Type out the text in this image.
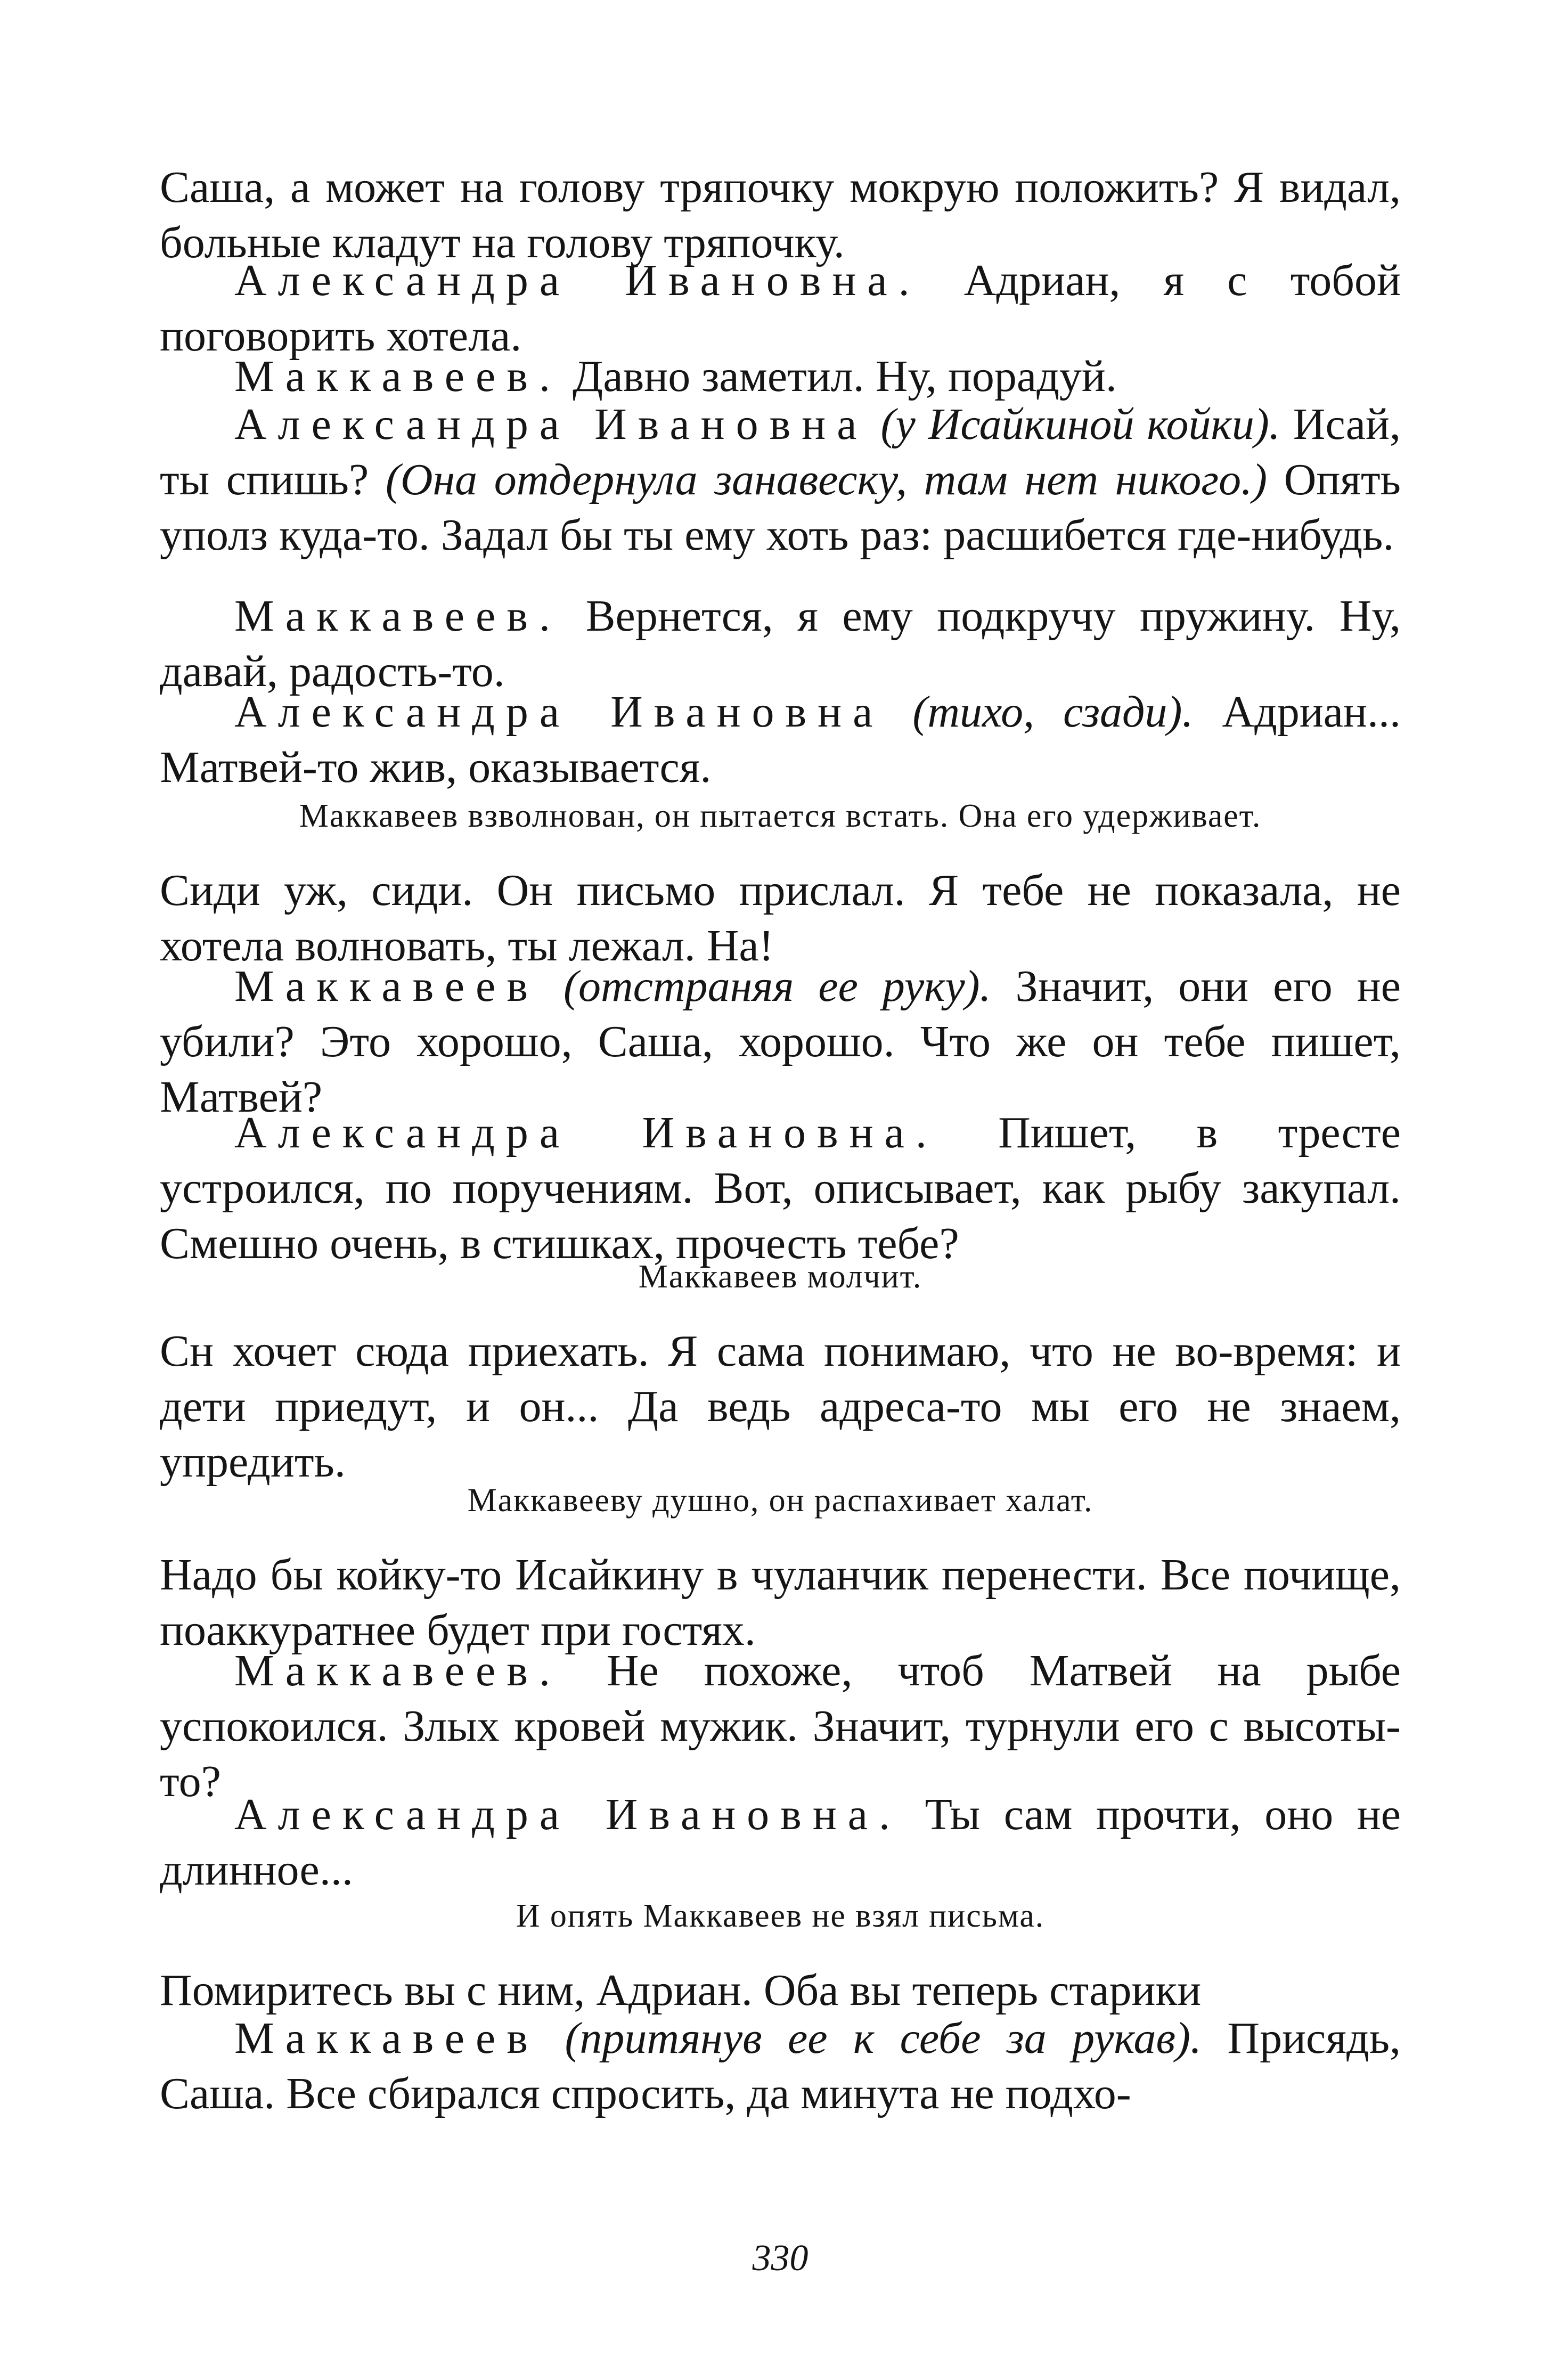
Саша, а может на голову тряпочку мокрую положить? Я видал, больные кладут на голову тряпочку.

Александра Ивановна. Адриан, я с тобой поговорить хотела.

Маккавеев. Давно заметил. Ну, порадуй.

Александра Ивановна (у Исайкиной койки). Исай, ты спишь? (Она отдернула занавеску, там нет никого.) Опять уполз куда-то. Задал бы ты ему хоть раз: расшибется где-нибудь.

Маккавеев. Вернется, я ему подкручу пружину. Ну, давай, радость-то.

Александра Ивановна (тихо, сзади). Адриан... Матвей-то жив, оказывается.

Маккавеев взволнован, он пытается встать. Она его удерживает.

Сиди уж, сиди. Он письмо прислал. Я тебе не показала, не хотела волновать, ты лежал. На!

Маккавеев (отстраняя ее руку). Значит, они его не убили? Это хорошо, Саша, хорошо. Что же он тебе пишет, Матвей?

Александра Ивановна. Пишет, в тресте устроился, по поручениям. Вот, описывает, как рыбу закупал. Смешно очень, в стишках, прочесть тебе?

Маккавеев молчит.

Сн хочет сюда приехать. Я сама понимаю, что не во-время: и дети приедут, и он... Да ведь адреса-то мы его не знаем, упредить.

Маккавееву душно, он распахивает халат.

Надо бы койку-то Исайкину в чуланчик перенести. Все почище, поаккуратнее будет при гостях.

Маккавеев. Не похоже, чтоб Матвей на рыбе успокоился. Злых кровей мужик. Значит, турнули его с высоты-то?

Александра Ивановна. Ты сам прочти, оно не длинное...

И опять Маккавеев не взял письма.

Помиритесь вы с ним, Адриан. Оба вы теперь старики

Маккавеев (притянув ее к себе за рукав). Присядь, Саша. Все сбирался спросить, да минута не подхо-

330
